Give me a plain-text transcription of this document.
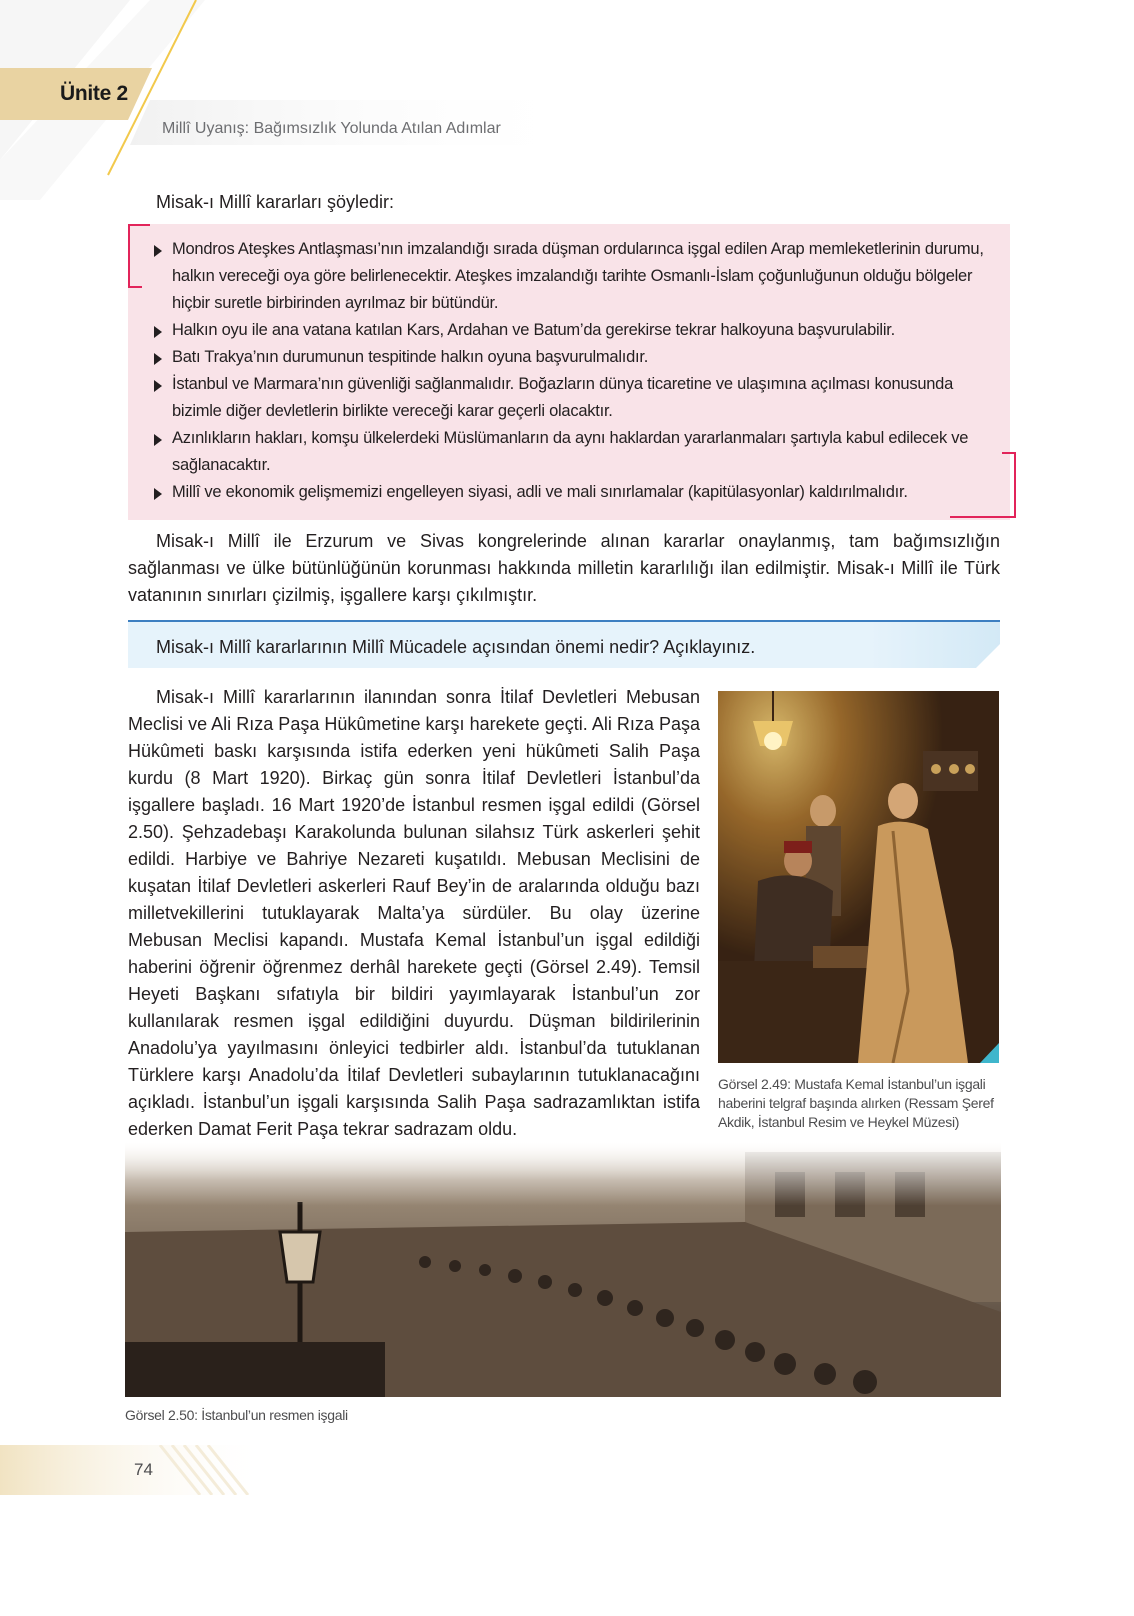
Ünite 2
Millî Uyanış: Bağımsızlık Yolunda Atılan Adımlar
Misak-ı Millî kararları şöyledir:
Mondros Ateşkes Antlaşması’nın imzalandığı sırada düşman ordularınca işgal edilen Arap memleketlerinin durumu, halkın vereceği oya göre belirlenecektir. Ateşkes imzalandığı tarihte Osmanlı-İslam çoğunluğunun olduğu bölgeler hiçbir suretle birbirinden ayrılmaz bir bütündür.
Halkın oyu ile ana vatana katılan Kars, Ardahan ve Batum’da gerekirse tekrar halkoyuna başvurulabilir.
Batı Trakya’nın durumunun tespitinde halkın oyuna başvurulmalıdır.
İstanbul ve Marmara’nın güvenliği sağlanmalıdır. Boğazların dünya ticaretine ve ulaşımına açılması konusunda bizimle diğer devletlerin birlikte vereceği karar geçerli olacaktır.
Azınlıkların hakları, komşu ülkelerdeki Müslümanların da aynı haklardan yararlanmaları şartıyla kabul edilecek ve sağlanacaktır.
Millî ve ekonomik gelişmemizi engelleyen siyasi, adli ve mali sınırlamalar (kapitülasyonlar) kaldırılmalıdır.

Misak-ı Millî ile Erzurum ve Sivas kongrelerinde alınan kararlar onaylanmış, tam bağımsızlığın sağlanması ve ülke bütünlüğünün korunması hakkında milletin kararlılığı ilan edilmiştir. Misak-ı Millî ile Türk vatanının sınırları çizilmiş, işgallere karşı çıkılmıştır.

Misak-ı Millî kararlarının Millî Mücadele açısından önemi nedir? Açıklayınız.

Misak-ı Millî kararlarının ilanından sonra İtilaf Devletleri Mebusan Meclisi ve Ali Rıza Paşa Hükûmetine karşı harekete geçti. Ali Rıza Paşa Hükûmeti baskı karşısında istifa ederken yeni hükûmeti Salih Paşa kurdu (8 Mart 1920). Birkaç gün sonra İtilaf Devletleri İstanbul’da işgallere başladı. 16 Mart 1920’de İstanbul resmen işgal edildi (Görsel 2.50). Şehzadebaşı Karakolunda bulunan silahsız Türk askerleri şehit edildi. Harbiye ve Bahriye Nezareti kuşatıldı. Mebusan Meclisini de kuşatan İtilaf Devletleri askerleri Rauf Bey’in de aralarında olduğu bazı milletvekillerini tutuklayarak Malta’ya sürdüler. Bu olay üzerine Mebusan Meclisi kapandı. Mustafa Kemal İstanbul’un işgal edildiği haberini öğrenir öğrenmez derhâl harekete geçti (Görsel 2.49). Temsil Heyeti Başkanı sıfatıyla bir bildiri yayımlayarak İstanbul’un zor kullanılarak resmen işgal edildiğini duyurdu. Düşman bildirilerinin Anadolu’ya yayılmasını önleyici tedbirler aldı. İstanbul’da tutuklanan Türklere karşı Anadolu’da İtilaf Devletleri subaylarının tutuklanacağını açıkladı. İstanbul’un işgali karşısında Salih Paşa sadrazamlıktan istifa ederken Damat Ferit Paşa tekrar sadrazam oldu.

Görsel 2.49: Mustafa Kemal İstanbul’un işgali haberini telgraf başında alırken (Ressam Şeref Akdik, İstanbul Resim ve Heykel Müzesi)
Görsel 2.50: İstanbul’un resmen işgali
74
